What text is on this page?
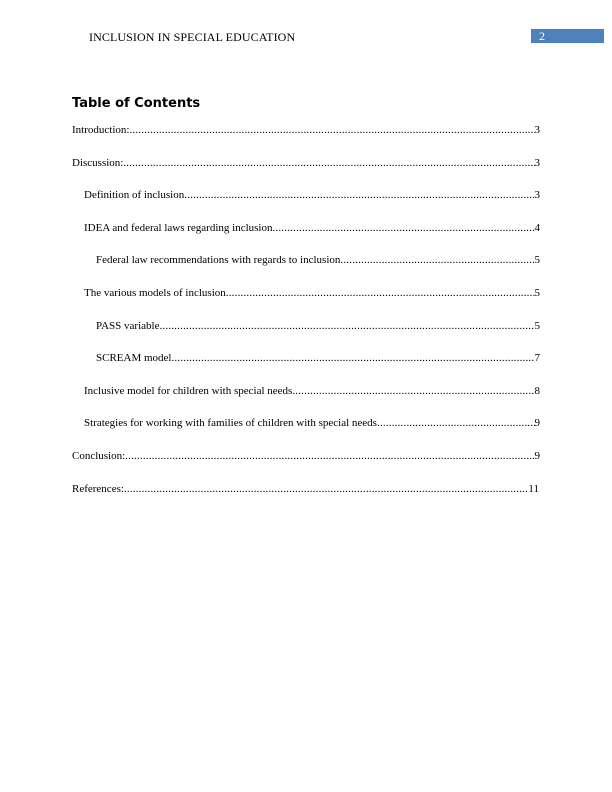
INCLUSION IN SPECIAL EDUCATION	2
Table of Contents
Introduction: .....	3
Discussion: .....	3
Definition of inclusion .....	3
IDEA and federal laws regarding inclusion .....	4
Federal law recommendations with regards to inclusion .....	5
The various models of inclusion .....	5
PASS variable .....	5
SCREAM model .....	7
Inclusive model for children with special needs .....	8
Strategies for working with families of children with special needs .....	9
Conclusion: .....	9
References: .....	11
